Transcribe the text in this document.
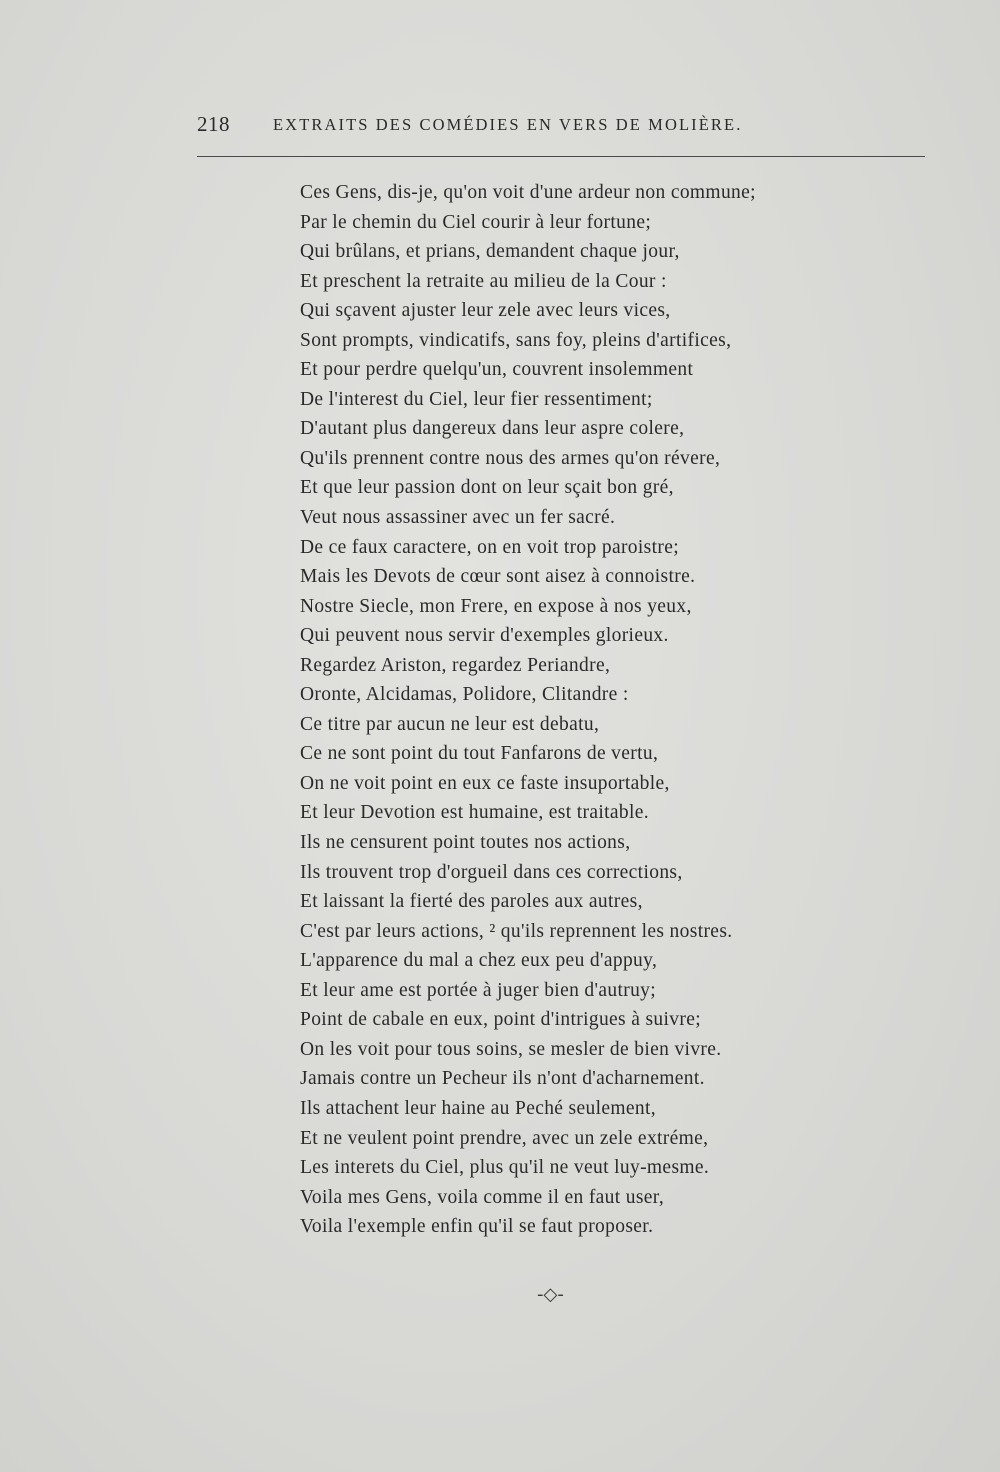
218	EXTRAITS DES COMÉDIES EN VERS DE MOLIÈRE.
Ces Gens, dis-je, qu'on voit d'une ardeur non commune;
Par le chemin du Ciel courir à leur fortune;
Qui brûlans, et prians, demandent chaque jour,
Et preschent la retraite au milieu de la Cour :
Qui sçavent ajuster leur zele avec leurs vices,
Sont prompts, vindicatifs, sans foy, pleins d'artifices,
Et pour perdre quelqu'un, couvrent insolemment
De l'interest du Ciel, leur fier ressentiment;
D'autant plus dangereux dans leur aspre colere,
Qu'ils prennent contre nous des armes qu'on révere,
Et que leur passion dont on leur sçait bon gré,
Veut nous assassiner avec un fer sacré.
De ce faux caractere, on en voit trop paroistre;
Mais les Devots de cœur sont aisez à connoistre.
Nostre Siecle, mon Frere, en expose à nos yeux,
Qui peuvent nous servir d'exemples glorieux.
Regardez Ariston, regardez Periandre,
Oronte, Alcidamas, Polidore, Clitandre :
Ce titre par aucun ne leur est debatu,
Ce ne sont point du tout Fanfarons de vertu,
On ne voit point en eux ce faste insuportable,
Et leur Devotion est humaine, est traitable.
Ils ne censurent point toutes nos actions,
Ils trouvent trop d'orgueil dans ces corrections,
Et laissant la fierté des paroles aux autres,
C'est par leurs actions, ² qu'ils reprennent les nostres.
L'apparence du mal a chez eux peu d'appuy,
Et leur ame est portée à juger bien d'autruy;
Point de cabale en eux, point d'intrigues à suivre;
On les voit pour tous soins, se mesler de bien vivre.
Jamais contre un Pecheur ils n'ont d'acharnement.
Ils attachent leur haine au Peché seulement,
Et ne veulent point prendre, avec un zele extréme,
Les interets du Ciel, plus qu'il ne veut luy-mesme.
Voila mes Gens, voila comme il en faut user,
Voila l'exemple enfin qu'il se faut proposer.
-◇-
